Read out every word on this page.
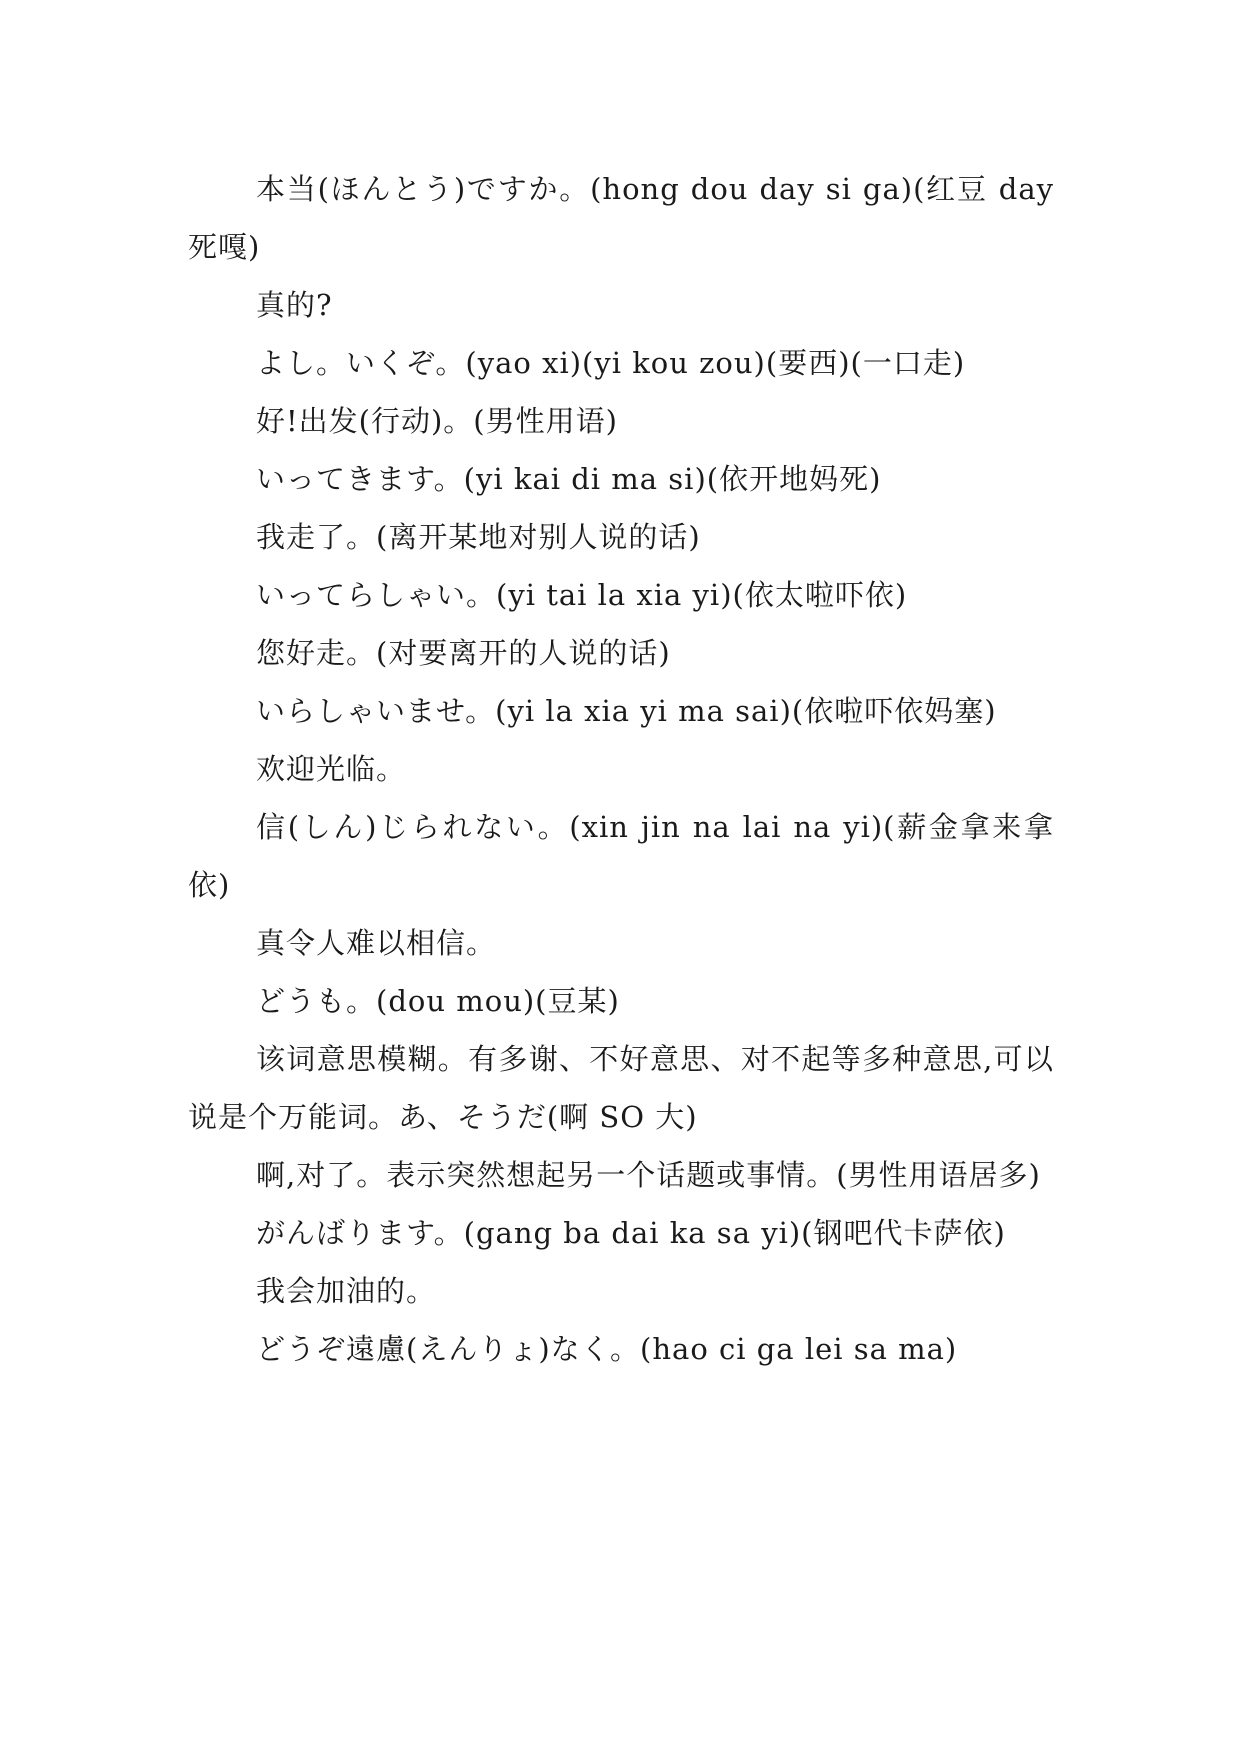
本当(ほんとう)ですか。(hong dou day si ga)(红豆 day 死嘎)

真的?

よし。いくぞ。(yao xi)(yi kou zou)(要西)(一口走)

好!出发(行动)。(男性用语)

いってきます。(yi kai di ma si)(依开地妈死)

我走了。(离开某地对别人说的话)

いってらしゃい。(yi tai la xia yi)(依太啦吓依)

您好走。(对要离开的人说的话)

いらしゃいませ。(yi la xia yi ma sai)(依啦吓依妈塞)

欢迎光临。

信(しん)じられない。(xin jin na lai na yi)(薪金拿来拿依)

真令人难以相信。

どうも。(dou mou)(豆某)

该词意思模糊。有多谢、不好意思、对不起等多种意思,可以说是个万能词。あ、そうだ(啊 SO 大)

啊,对了。表示突然想起另一个话题或事情。(男性用语居多)

がんばります。(gang ba dai ka sa yi)(钢吧代卡萨依)

我会加油的。

どうぞ遠慮(えんりょ)なく。(hao ci ga lei sa ma)
